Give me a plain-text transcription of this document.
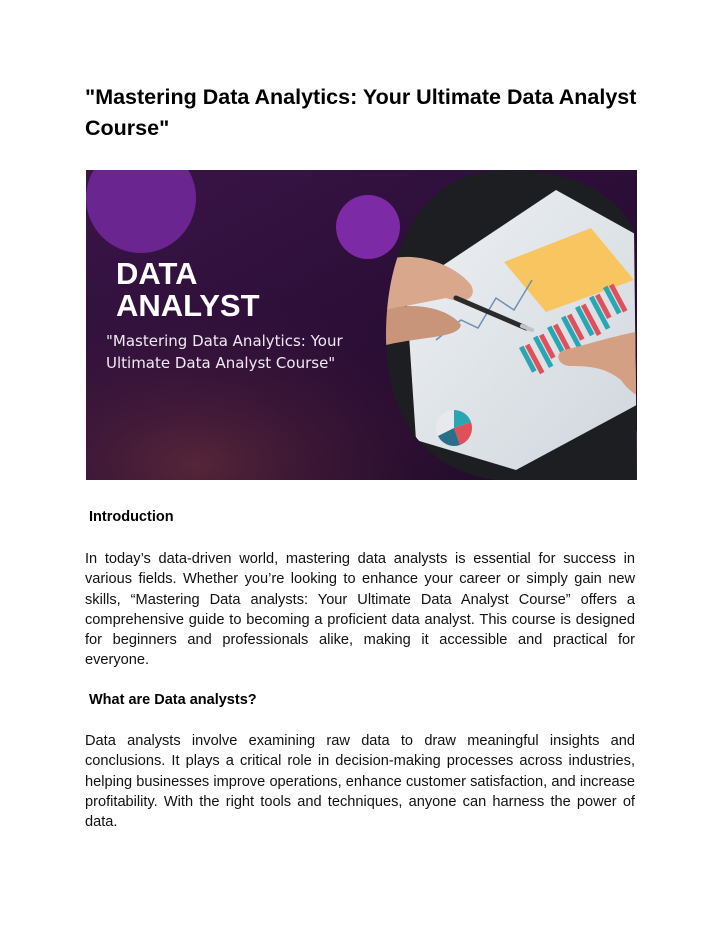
"Mastering Data Analytics: Your Ultimate Data Analyst Course"
DATA
ANALYST
"Mastering Data Analytics: Your
Ultimate Data Analyst Course"
Introduction

In today’s data-driven world, mastering data analysts is essential for success in various fields. Whether you’re looking to enhance your career or simply gain new skills, “Mastering Data analysts: Your Ultimate Data Analyst Course” offers a comprehensive guide to becoming a proficient data analyst. This course is designed for beginners and professionals alike, making it accessible and practical for everyone.

What are Data analysts?

Data analysts involve examining raw data to draw meaningful insights and conclusions. It plays a critical role in decision-making processes across industries, helping businesses improve operations, enhance customer satisfaction, and increase profitability. With the right tools and techniques, anyone can harness the power of data.
